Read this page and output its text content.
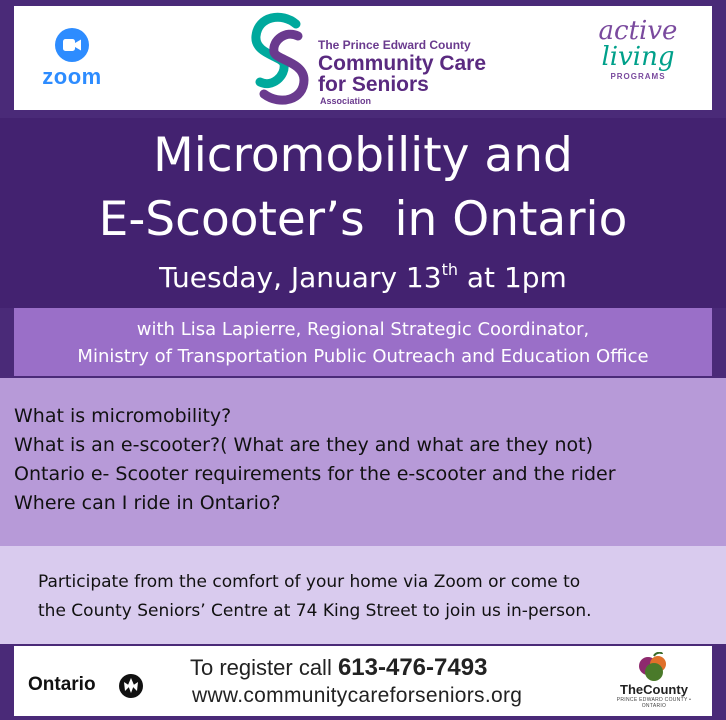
zoom
The Prince Edward County
Community Care
for Seniors
Association
active
living
PROGRAMS
Micromobility and
E-Scooter’s  in Ontario
Tuesday, January 13th at 1pm
with Lisa Lapierre, Regional Strategic Coordinator,
Ministry of Transportation Public Outreach and Education Office
What is micromobility?
What is an e-scooter?( What are they and what are they not)
Ontario e- Scooter requirements for the e-scooter and the rider
Where can I ride in Ontario?
Participate from the comfort of your home via Zoom or come to
the County Seniors’ Centre at 74 King Street to join us in-person.
Ontario
To register call 613-476-7493
www.communitycareforseniors.org	TheCounty
PRINCE EDWARD COUNTY • ONTARIO
